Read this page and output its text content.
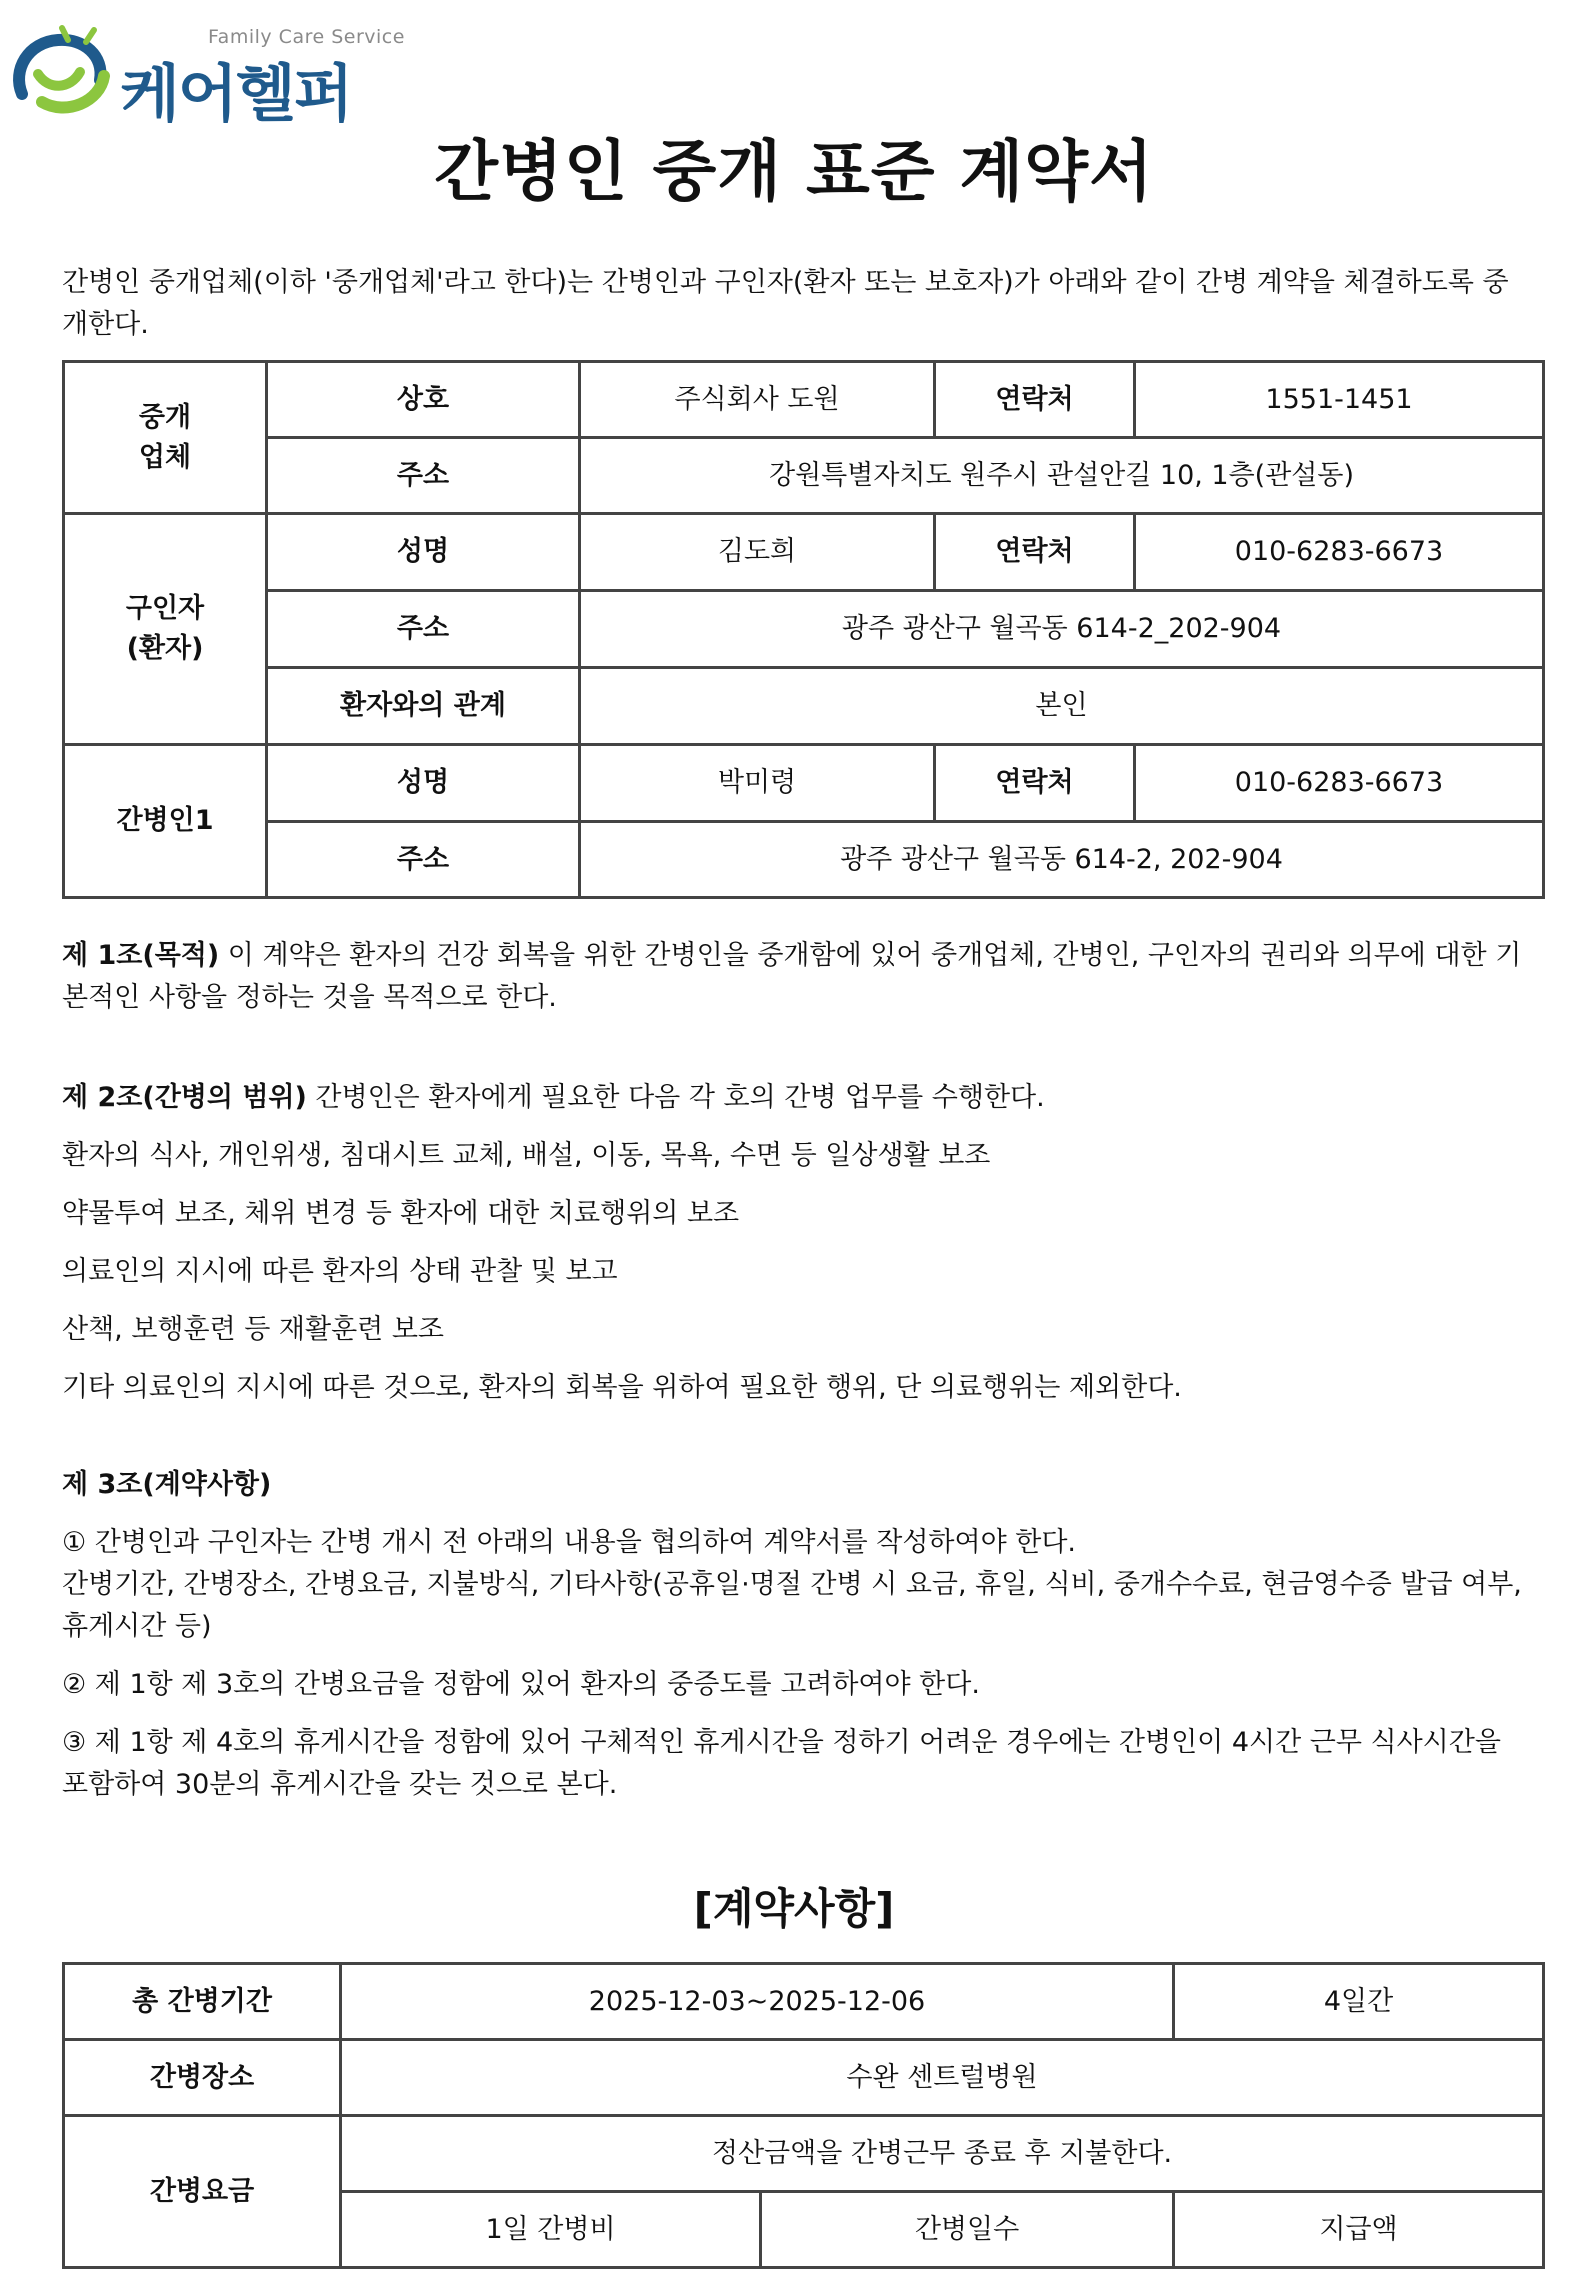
Family Care Service
케어헬퍼
간병인 중개 표준 계약서

간병인 중개업체(이하 '중개업체'라고 한다)는 간병인과 구인자(환자 또는 보호자)가 아래와 같이 간병 계약을 체결하도록 중개한다.

중개
업체	상호	주식회사 도원	연락처	1551-1451
	주소	강원특별자치도 원주시 관설안길 10, 1층(관설동)		
구인자
(환자)	성명	김도희	연락처	010-6283-6673
	주소	광주 광산구 월곡동 614-2_202-904		
	환자와의 관계	본인		
간병인1	성명	박미령	연락처	010-6283-6673
	주소	광주 광산구 월곡동 614-2, 202-904		

제 1조(목적) 이 계약은 환자의 건강 회복을 위한 간병인을 중개함에 있어 중개업체, 간병인, 구인자의 권리와 의무에 대한 기본적인 사항을 정하는 것을 목적으로 한다.

제 2조(간병의 범위) 간병인은 환자에게 필요한 다음 각 호의 간병 업무를 수행한다.

환자의 식사, 개인위생, 침대시트 교체, 배설, 이동, 목욕, 수면 등 일상생활 보조

약물투여 보조, 체위 변경 등 환자에 대한 치료행위의 보조

의료인의 지시에 따른 환자의 상태 관찰 및 보고

산책, 보행훈련 등 재활훈련 보조

기타 의료인의 지시에 따른 것으로, 환자의 회복을 위하여 필요한 행위, 단 의료행위는 제외한다.

제 3조(계약사항)

① 간병인과 구인자는 간병 개시 전 아래의 내용을 협의하여 계약서를 작성하여야 한다.

간병기간, 간병장소, 간병요금, 지불방식, 기타사항(공휴일·명절 간병 시 요금, 휴일, 식비, 중개수수료, 현금영수증 발급 여부, 휴게시간 등)

② 제 1항 제 3호의 간병요금을 정함에 있어 환자의 중증도를 고려하여야 한다.

③ 제 1항 제 4호의 휴게시간을 정함에 있어 구체적인 휴게시간을 정하기 어려운 경우에는 간병인이 4시간 근무 식사시간을 포함하여 30분의 휴게시간을 갖는 것으로 본다.

[계약사항]
총 간병기간	2025-12-03~2025-12-06		4일간
간병장소	수완 센트럴병원		
간병요금	정산금액을 간병근무 종료 후 지불한다.		
	1일 간병비	간병일수	지급액
